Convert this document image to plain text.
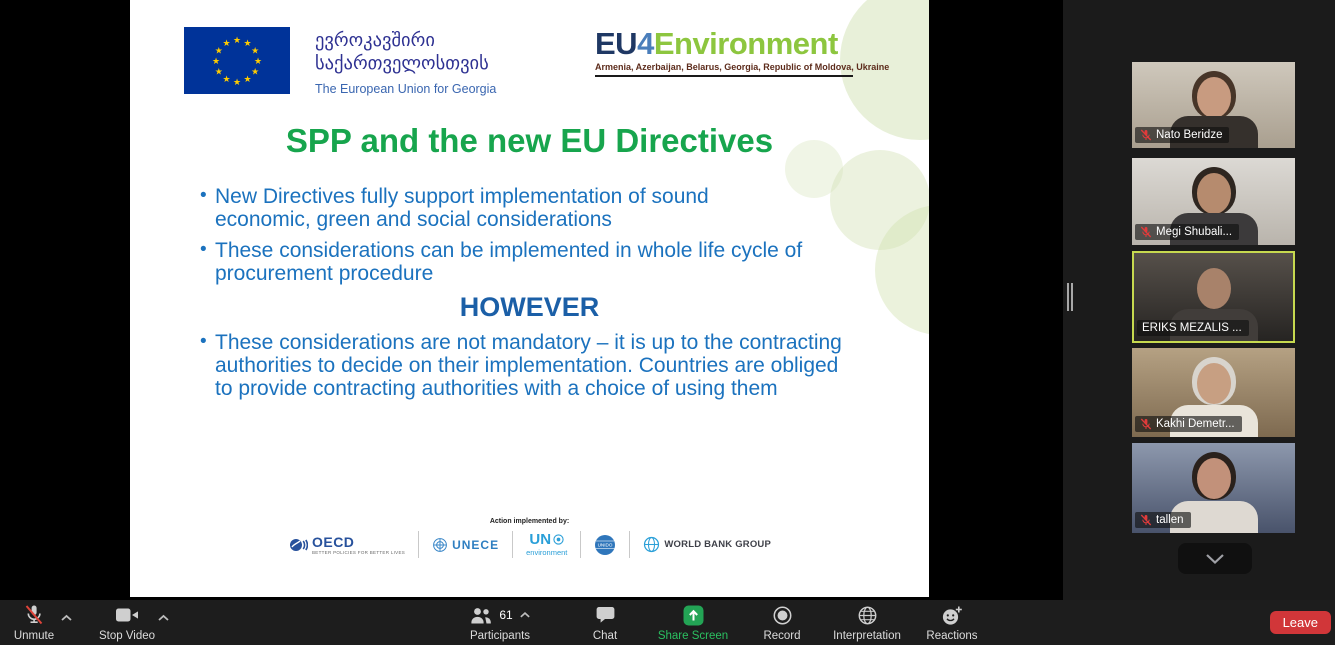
★ ★
★
★
★
★
★
★
★
★
★
★	ევროკავშირი
საქართველოსთვის
The European Union for Georgia
EU4Environment
Armenia, Azerbaijan, Belarus, Georgia, Republic of Moldova, Ukraine
SPP and the new EU Directives
• New Directives fully support implementation of sound economic, green and social considerations
• These considerations can be implemented in whole life cycle of procurement procedure
HOWEVER
• These considerations are not mandatory – it is up to the contracting authorities to decide on their implementation. Countries are obliged to provide contracting authorities with a choice of using them
Action implemented by:
OECD
BETTER POLICIES FOR BETTER LIVES
UNECE UN
environment
UNIDO	WORLD BANK GROUP
Nato Beridze
Megi Shubali...
ERIKS MEZALIS ...
Kakhi Demetr...
tallen
Unmute	Stop Video
61
Participants	Chat	Share Screen	Record	Interpretation Reactions
Leave
